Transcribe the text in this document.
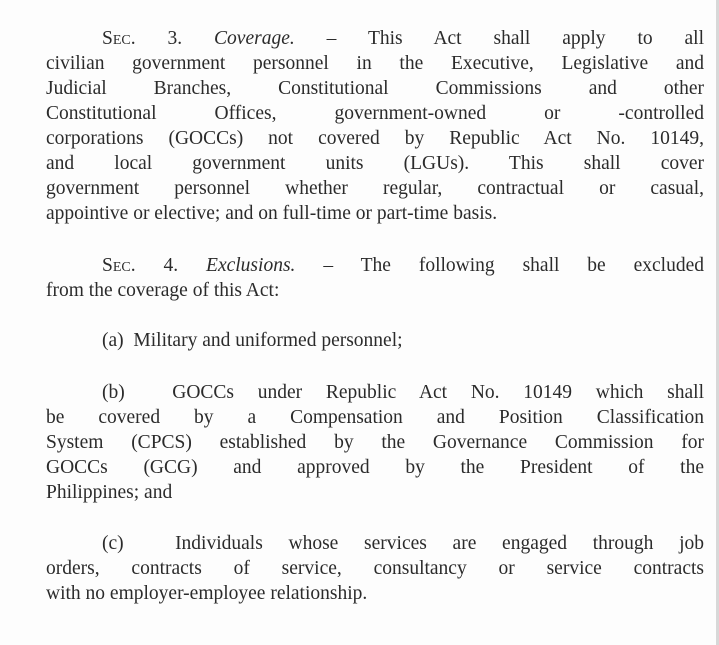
Sec. 3. Coverage. – This Act shall apply to all
civilian government personnel in the Executive, Legislative and
Judicial Branches, Constitutional Commissions and other
Constitutional Offices, government-owned or -controlled
corporations (GOCCs) not covered by Republic Act No. 10149,
and local government units (LGUs). This shall cover
government personnel whether regular, contractual or casual,
appointive or elective; and on full-time or part-time basis.
Sec. 4. Exclusions. – The following shall be excluded
from the coverage of this Act:
(a) Military and uniformed personnel;
(b) GOCCs under Republic Act No. 10149 which shall
be covered by a Compensation and Position Classification
System (CPCS) established by the Governance Commission for
GOCCs (GCG) and approved by the President of the
Philippines; and
(c)	Individuals whose services are engaged through job
orders, contracts of service, consultancy or service contracts
with no employer-employee relationship.
